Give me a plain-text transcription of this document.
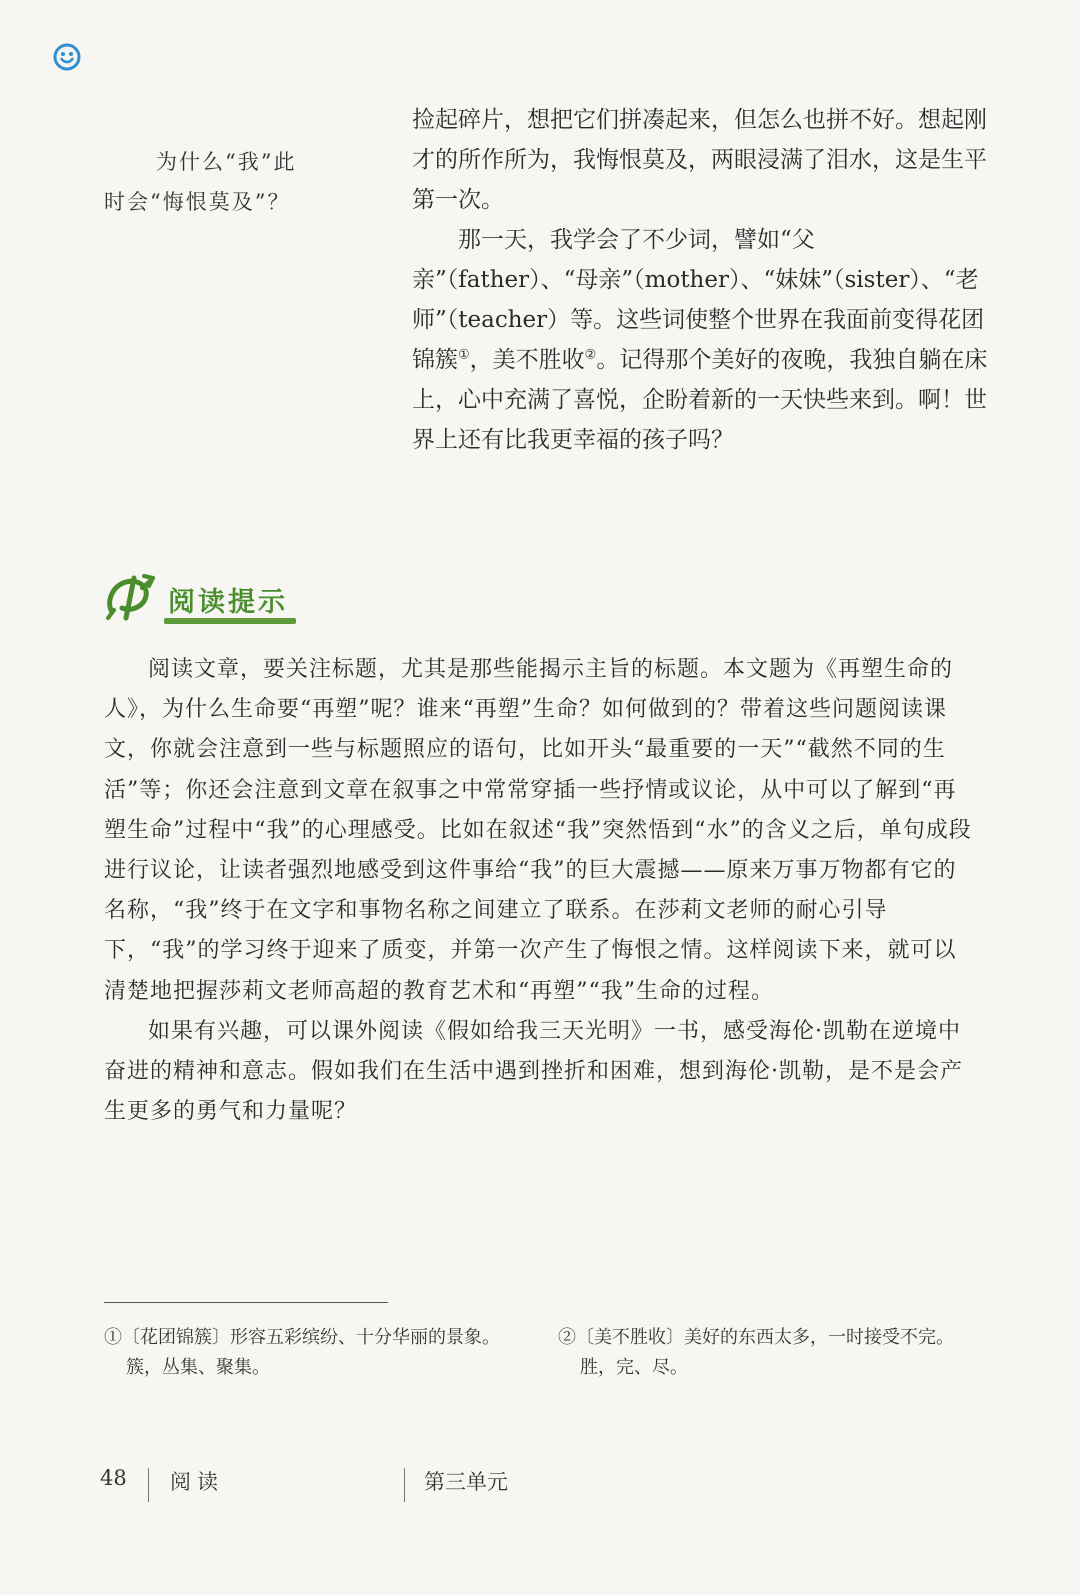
为什么“我”此
时会“悔恨莫及”？

捡起碎片，想把它们拼凑起来，但怎么也拼不好。想起刚才的所作所为，我悔恨莫及，两眼浸满了泪水，这是生平第一次。

那一天，我学会了不少词，譬如“父亲”（father）、“母亲”（mother）、“妹妹”（sister）、“老师”（teacher）等。这些词使整个世界在我面前变得花团锦簇①，美不胜收②。记得那个美好的夜晚，我独自躺在床上，心中充满了喜悦，企盼着新的一天快些来到。啊！世界上还有比我更幸福的孩子吗？

阅读提示

阅读文章，要关注标题，尤其是那些能揭示主旨的标题。本文题为《再塑生命的人》，为什么生命要“再塑”呢？谁来“再塑”生命？如何做到的？带着这些问题阅读课文，你就会注意到一些与标题照应的语句，比如开头“最重要的一天”“截然不同的生活”等；你还会注意到文章在叙事之中常常穿插一些抒情或议论，从中可以了解到“再塑生命”过程中“我”的心理感受。比如在叙述“我”突然悟到“水”的含义之后，单句成段进行议论，让读者强烈地感受到这件事给“我”的巨大震撼——原来万事万物都有它的名称，“我”终于在文字和事物名称之间建立了联系。在莎莉文老师的耐心引导下，“我”的学习终于迎来了质变，并第一次产生了悔恨之情。这样阅读下来，就可以清楚地把握莎莉文老师高超的教育艺术和“再塑”“我”生命的过程。

如果有兴趣，可以课外阅读《假如给我三天光明》一书，感受海伦·凯勒在逆境中奋进的精神和意志。假如我们在生活中遇到挫折和困难，想到海伦·凯勒，是不是会产生更多的勇气和力量呢？

①〔花团锦簇〕形容五彩缤纷、十分华丽的景象。
簇，丛集、聚集。
②〔美不胜收〕美好的东西太多，一时接受不完。
胜，完、尽。
48 阅读	第三单元
